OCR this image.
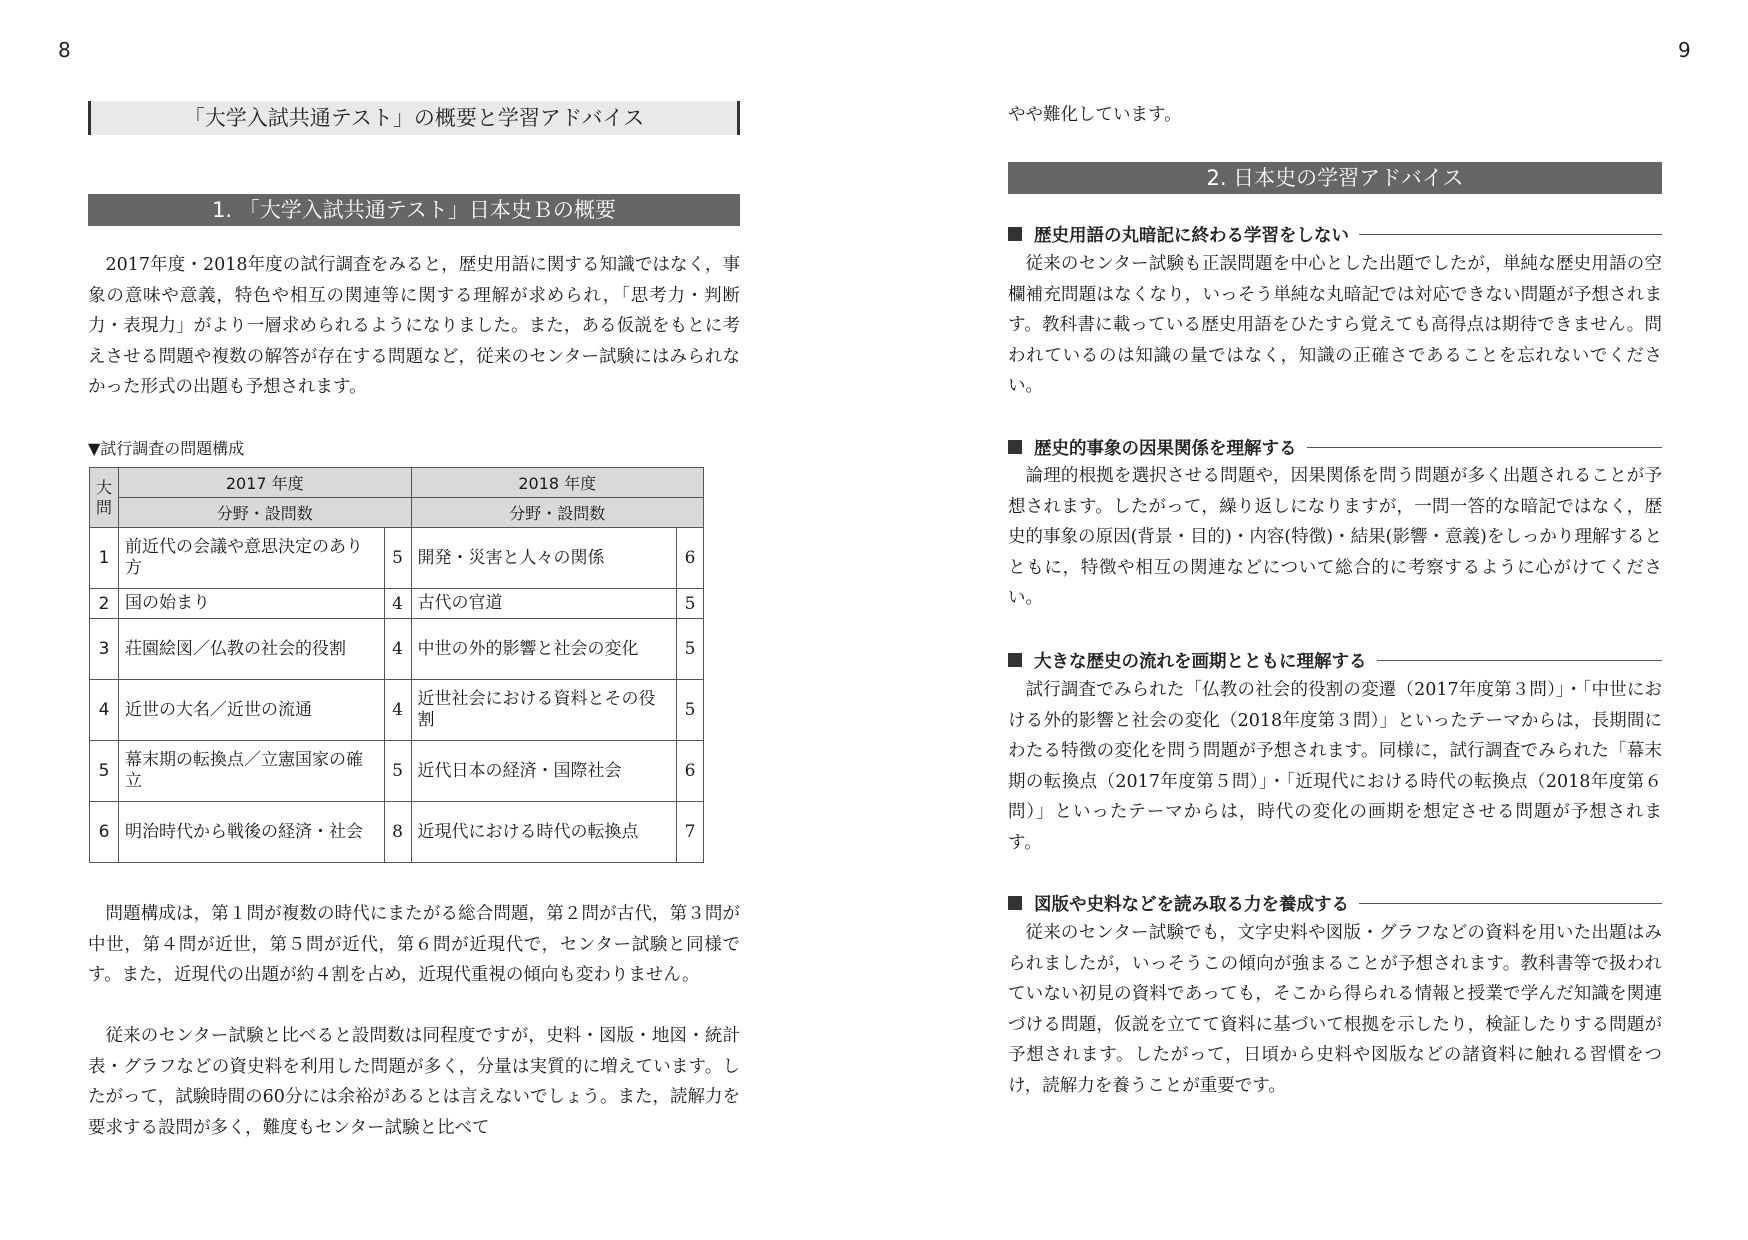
8	9
「大学入試共通テスト」の概要と学習アドバイス
1. 「大学入試共通テスト」日本史Ｂの概要

2017年度・2018年度の試行調査をみると，歴史用語に関する知識ではなく，事象の意味や意義，特色や相互の関連等に関する理解が求められ，「思考力・判断力・表現力」がより一層求められるようになりました。また，ある仮説をもとに考えさせる問題や複数の解答が存在する問題など，従来のセンター試験にはみられなかった形式の出題も予想されます。

▼試行調査の問題構成
大問	2017 年度		2018 年度	
	分野・設問数		分野・設問数	
1	前近代の会議や意思決定のあり方	5	開発・災害と人々の関係	6
2	国の始まり	4	古代の官道	5
3	荘園絵図／仏教の社会的役割	4	中世の外的影響と社会の変化	5
4	近世の大名／近世の流通	4	近世社会における資料とその役割	5
5	幕末期の転換点／立憲国家の確立	5	近代日本の経済・国際社会	6
6	明治時代から戦後の経済・社会	8	近現代における時代の転換点	7

問題構成は，第１問が複数の時代にまたがる総合問題，第２問が古代，第３問が中世，第４問が近世，第５問が近代，第６問が近現代で，センター試験と同様です。また，近現代の出題が約４割を占め，近現代重視の傾向も変わりません。

従来のセンター試験と比べると設問数は同程度ですが，史料・図版・地図・統計表・グラフなどの資史料を利用した問題が多く，分量は実質的に増えています。したがって，試験時間の60分には余裕があるとは言えないでしょう。また，読解力を要求する設問が多く，難度もセンター試験と比べて

やや難化しています。

2. 日本史の学習アドバイス
歴史用語の丸暗記に終わる学習をしない

従来のセンター試験も正誤問題を中心とした出題でしたが，単純な歴史用語の空欄補充問題はなくなり，いっそう単純な丸暗記では対応できない問題が予想されます。教科書に載っている歴史用語をひたすら覚えても高得点は期待できません。問われているのは知識の量ではなく，知識の正確さであることを忘れないでください。

歴史的事象の因果関係を理解する

論理的根拠を選択させる問題や，因果関係を問う問題が多く出題されることが予想されます。したがって，繰り返しになりますが，一問一答的な暗記ではなく，歴史的事象の原因(背景・目的)・内容(特徴)・結果(影響・意義)をしっかり理解するとともに，特徴や相互の関連などについて総合的に考察するように心がけてください。

大きな歴史の流れを画期とともに理解する

試行調査でみられた「仏教の社会的役割の変遷（2017年度第３問）」・「中世における外的影響と社会の変化（2018年度第３問）」といったテーマからは，長期間にわたる特徴の変化を問う問題が予想されます。同様に，試行調査でみられた「幕末期の転換点（2017年度第５問）」・「近現代における時代の転換点（2018年度第６問）」といったテーマからは，時代の変化の画期を想定させる問題が予想されます。

図版や史料などを読み取る力を養成する

従来のセンター試験でも，文字史料や図版・グラフなどの資料を用いた出題はみられましたが，いっそうこの傾向が強まることが予想されます。教科書等で扱われていない初見の資料であっても，そこから得られる情報と授業で学んだ知識を関連づける問題，仮説を立てて資料に基づいて根拠を示したり，検証したりする問題が予想されます。したがって，日頃から史料や図版などの諸資料に触れる習慣をつけ，読解力を養うことが重要です。
